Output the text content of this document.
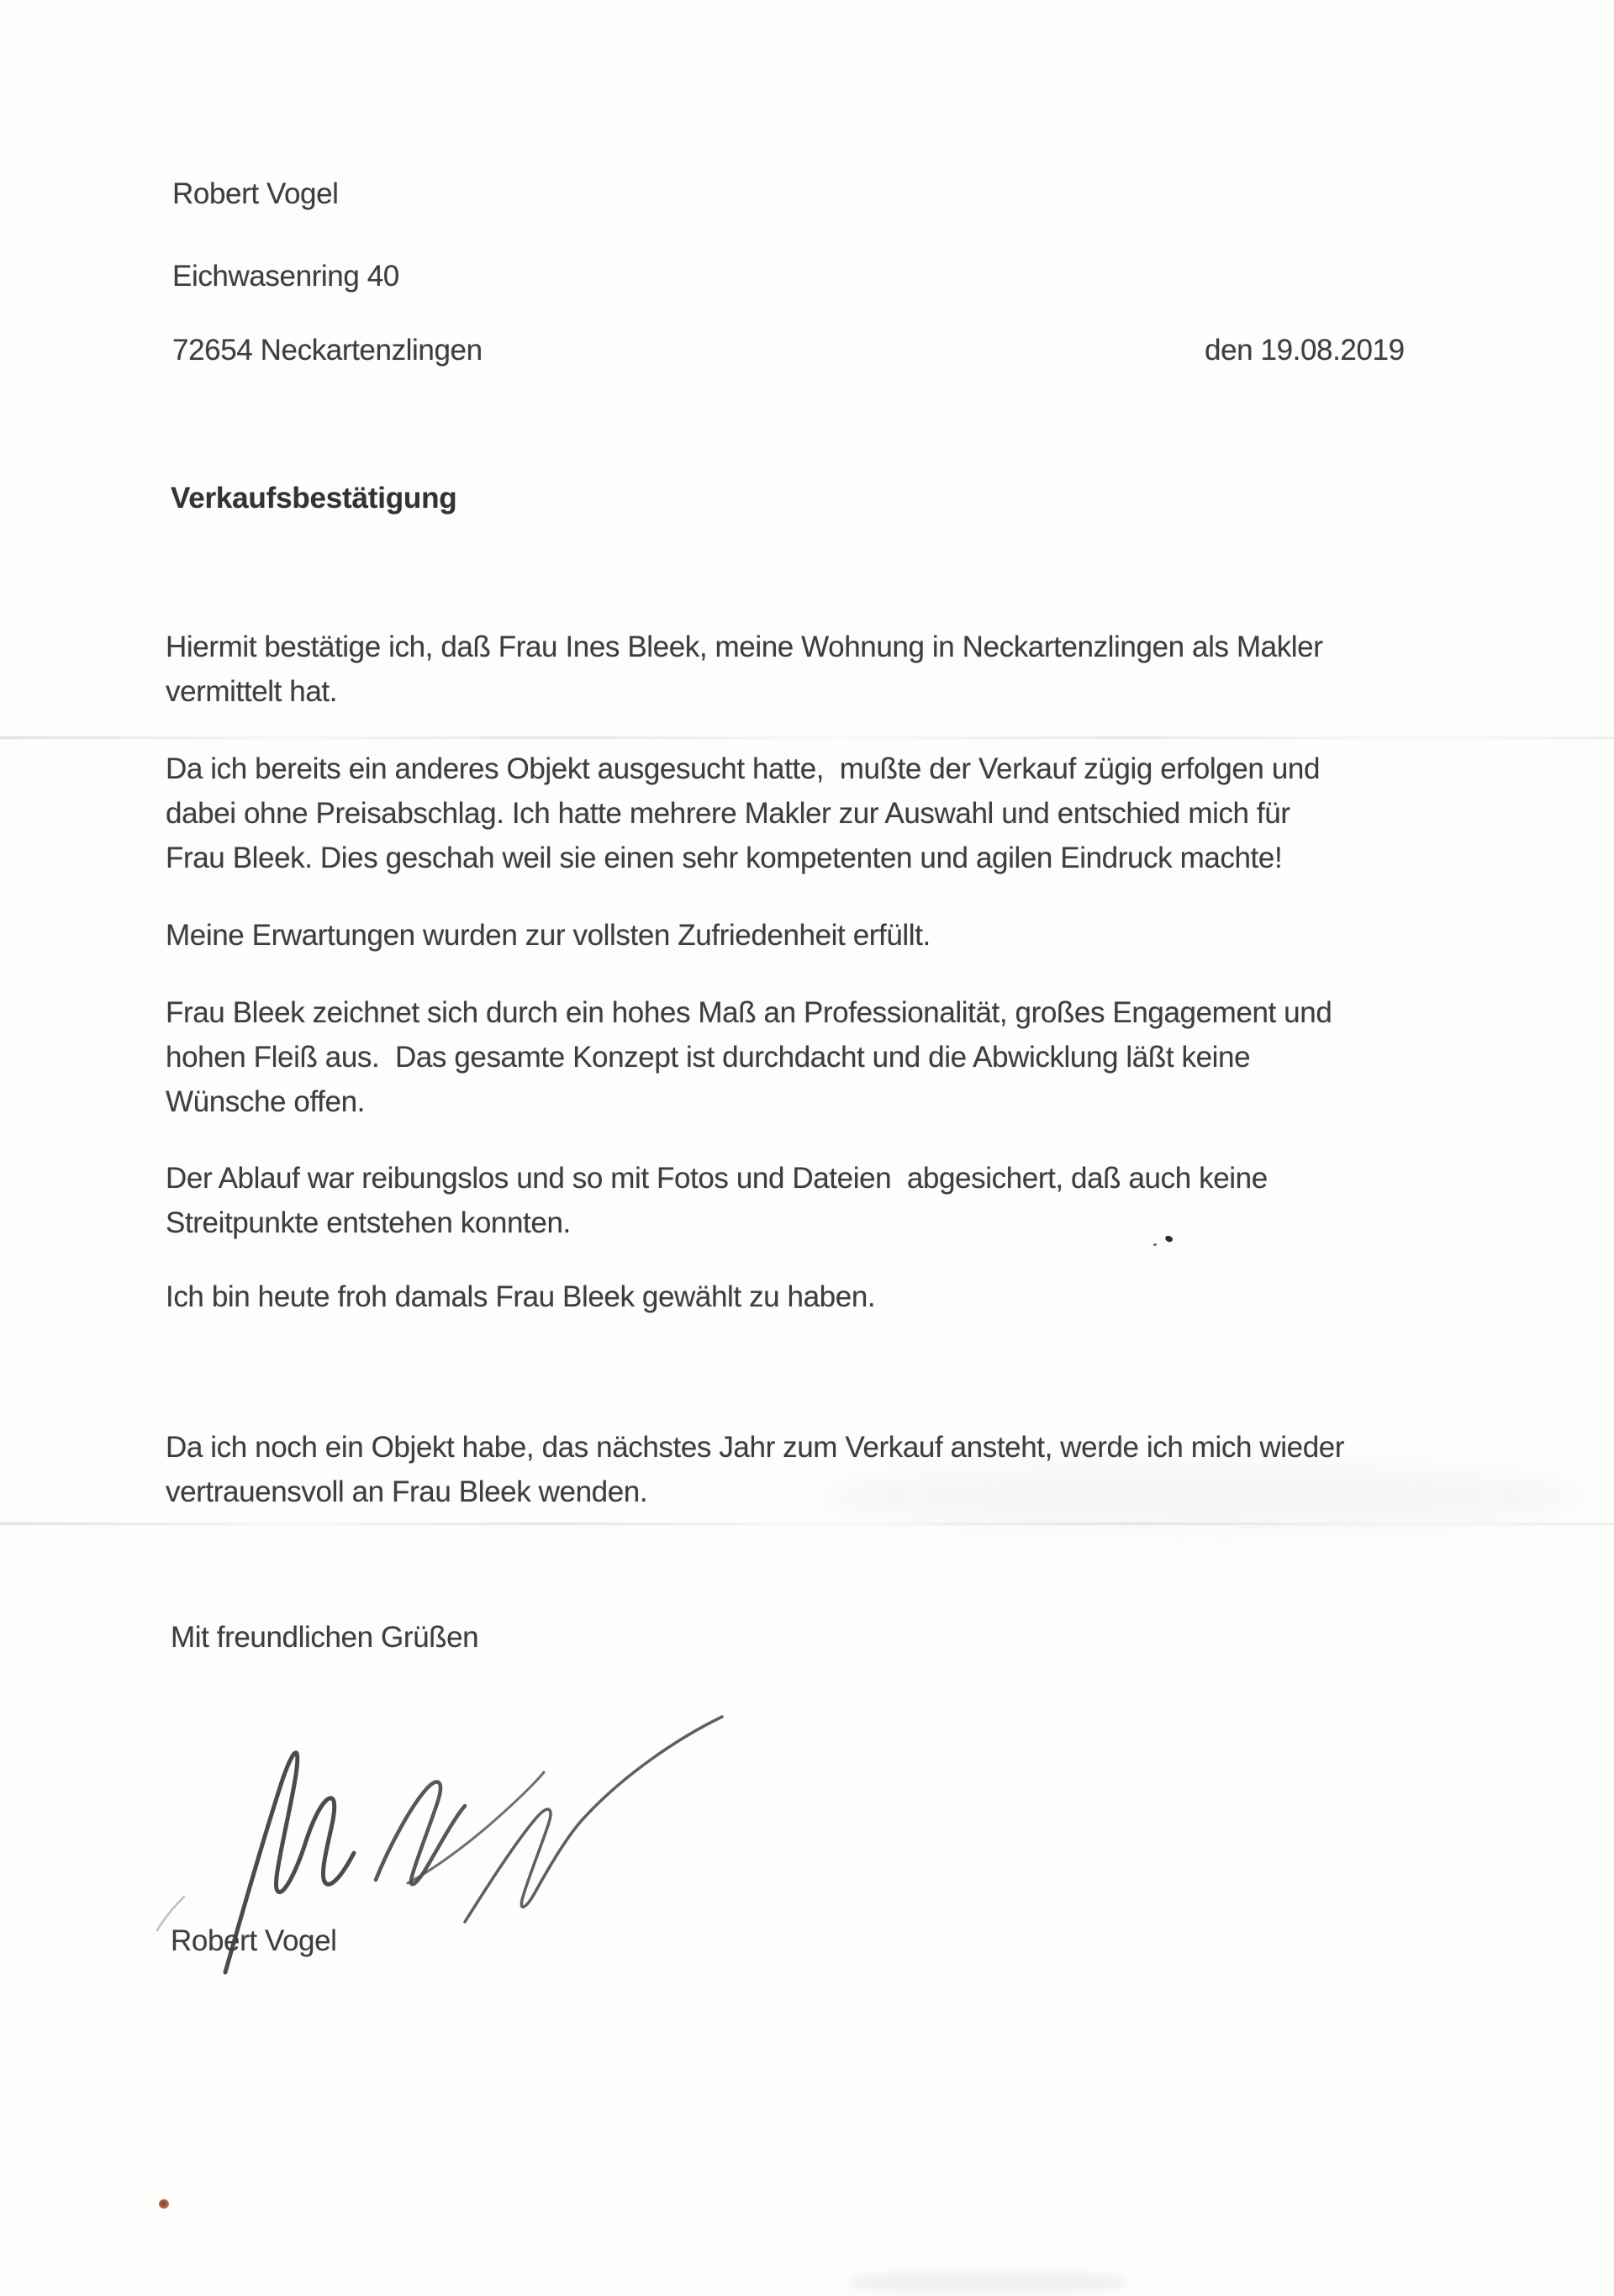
Robert Vogel
Eichwasenring 40
72654 Neckartenzlingen	den 19.08.2019
Verkaufsbestätigung
Hiermit bestätige ich, daß Frau Ines Bleek, meine Wohnung in Neckartenzlingen als Makler
vermittelt hat.
Da ich bereits ein anderes Objekt ausgesucht hatte,  mußte der Verkauf zügig erfolgen und
dabei ohne Preisabschlag. Ich hatte mehrere Makler zur Auswahl und entschied mich für
Frau Bleek. Dies geschah weil sie einen sehr kompetenten und agilen Eindruck machte!
Meine Erwartungen wurden zur vollsten Zufriedenheit erfüllt.
Frau Bleek zeichnet sich durch ein hohes Maß an Professionalität, großes Engagement und
hohen Fleiß aus.  Das gesamte Konzept ist durchdacht und die Abwicklung läßt keine
Wünsche offen.
Der Ablauf war reibungslos und so mit Fotos und Dateien  abgesichert, daß auch keine
Streitpunkte entstehen konnten.
Ich bin heute froh damals Frau Bleek gewählt zu haben.
Da ich noch ein Objekt habe, das nächstes Jahr zum Verkauf ansteht, werde ich mich wieder
vertrauensvoll an Frau Bleek wenden.
Mit freundlichen Grüßen
Robert Vogel
